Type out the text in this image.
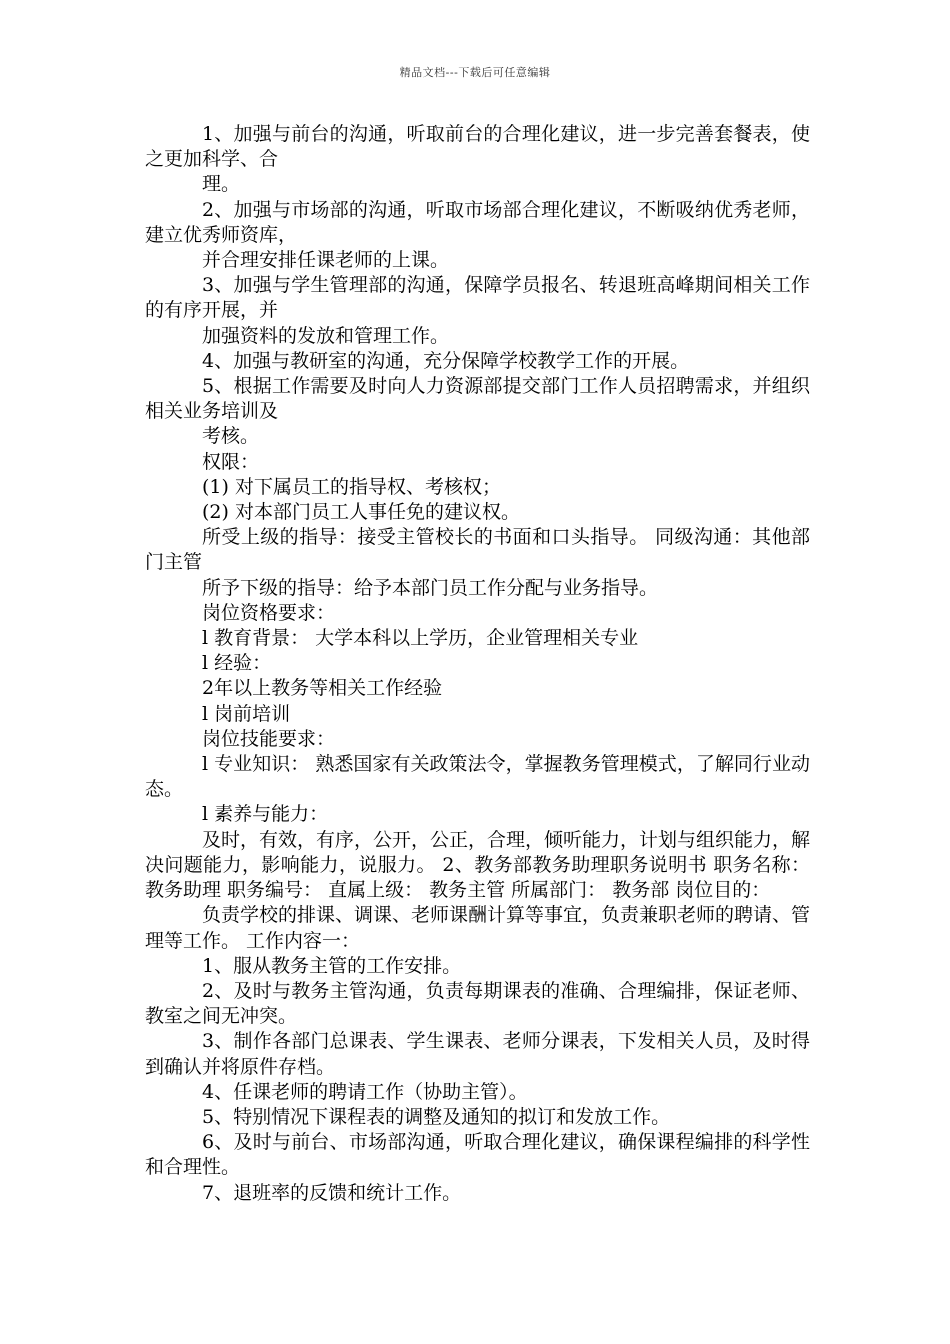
精品文档---下载后可任意编辑

1、加强与前台的沟通，听取前台的合理化建议，进一步完善套餐表，使之更加科学、合

理。

2、加强与市场部的沟通，听取市场部合理化建议，不断吸纳优秀老师，建立优秀师资库，

并合理安排任课老师的上课。

3、加强与学生管理部的沟通，保障学员报名、转退班高峰期间相关工作的有序开展，并

加强资料的发放和管理工作。

4、加强与教研室的沟通，充分保障学校教学工作的开展。

5、根据工作需要及时向人力资源部提交部门工作人员招聘需求，并组织相关业务培训及

考核。

权限：

(1) 对下属员工的指导权、考核权；

(2) 对本部门员工人事任免的建议权。

所受上级的指导：接受主管校长的书面和口头指导。 同级沟通：其他部门主管

所予下级的指导：给予本部门员工作分配与业务指导。

岗位资格要求：

l 教育背景： 大学本科以上学历，企业管理相关专业

l 经验：

2年以上教务等相关工作经验

l 岗前培训

岗位技能要求：

l 专业知识： 熟悉国家有关政策法令，掌握教务管理模式，了解同行业动态。

l 素养与能力：

及时，有效，有序，公开，公正，合理，倾听能力，计划与组织能力，解决问题能力，影响能力，说服力。 2、教务部教务助理职务说明书 职务名称： 教务助理 职务编号： 直属上级： 教务主管 所属部门： 教务部 岗位目的：

负责学校的排课、调课、老师课酬计算等事宜，负责兼职老师的聘请、管理等工作。 工作内容一：

1、服从教务主管的工作安排。

2、及时与教务主管沟通，负责每期课表的准确、合理编排，保证老师、教室之间无冲突。

3、制作各部门总课表、学生课表、老师分课表，下发相关人员，及时得到确认并将原件存档。

4、任课老师的聘请工作（协助主管）。

5、特别情况下课程表的调整及通知的拟订和发放工作。

6、及时与前台、市场部沟通，听取合理化建议，确保课程编排的科学性和合理性。

7、退班率的反馈和统计工作。
